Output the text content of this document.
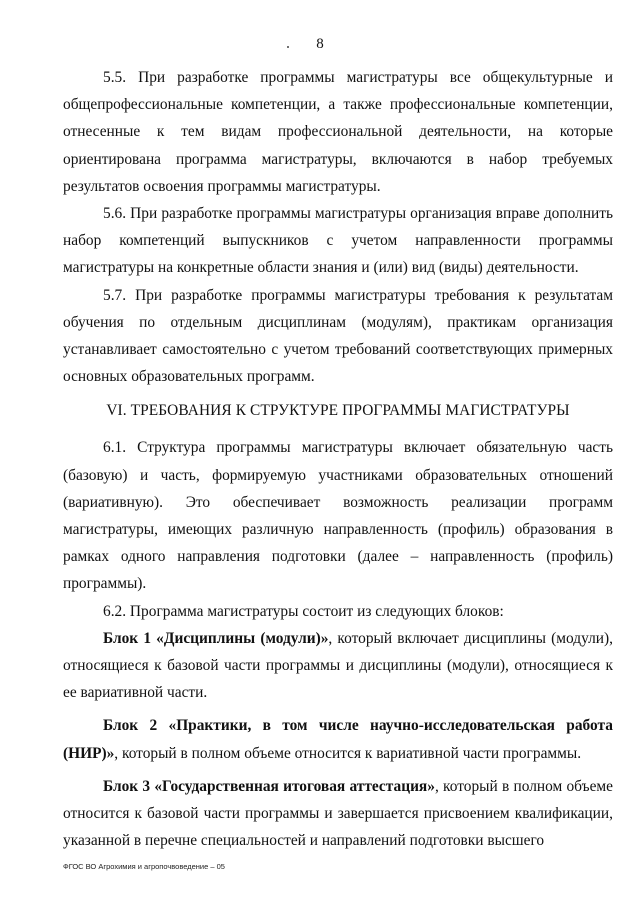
8

5.5. При разработке программы магистратуры все общекультурные и общепрофессиональные компетенции, а также профессиональные компетенции, отнесенные к тем видам профессиональной деятельности, на которые ориентирована программа магистратуры, включаются в набор требуемых результатов освоения программы магистратуры.

5.6. При разработке программы магистратуры организация вправе дополнить набор компетенций выпускников с учетом направленности программы магистратуры на конкретные области знания и (или) вид (виды) деятельности.

5.7. При разработке программы магистратуры требования к результатам обучения по отдельным дисциплинам (модулям), практикам организация устанавливает самостоятельно с учетом требований соответствующих примерных основных образовательных программ.

VI. ТРЕБОВАНИЯ К СТРУКТУРЕ ПРОГРАММЫ МАГИСТРАТУРЫ

6.1. Структура программы магистратуры включает обязательную часть (базовую) и часть, формируемую участниками образовательных отношений (вариативную). Это обеспечивает возможность реализации программ магистратуры, имеющих различную направленность (профиль) образования в рамках одного направления подготовки (далее – направленность (профиль) программы).

6.2. Программа магистратуры состоит из следующих блоков:

Блок 1 «Дисциплины (модули)», который включает дисциплины (модули), относящиеся к базовой части программы и дисциплины (модули), относящиеся к ее вариативной части.

Блок 2 «Практики, в том числе научно-исследовательская работа (НИР)», который в полном объеме относится к вариативной части программы.

Блок 3 «Государственная итоговая аттестация», который в полном объеме относится к базовой части программы и завершается присвоением квалификации, указанной в перечне специальностей и направлений подготовки высшего

ФГОС ВО Агрохимия и агропочвоведение – 05
